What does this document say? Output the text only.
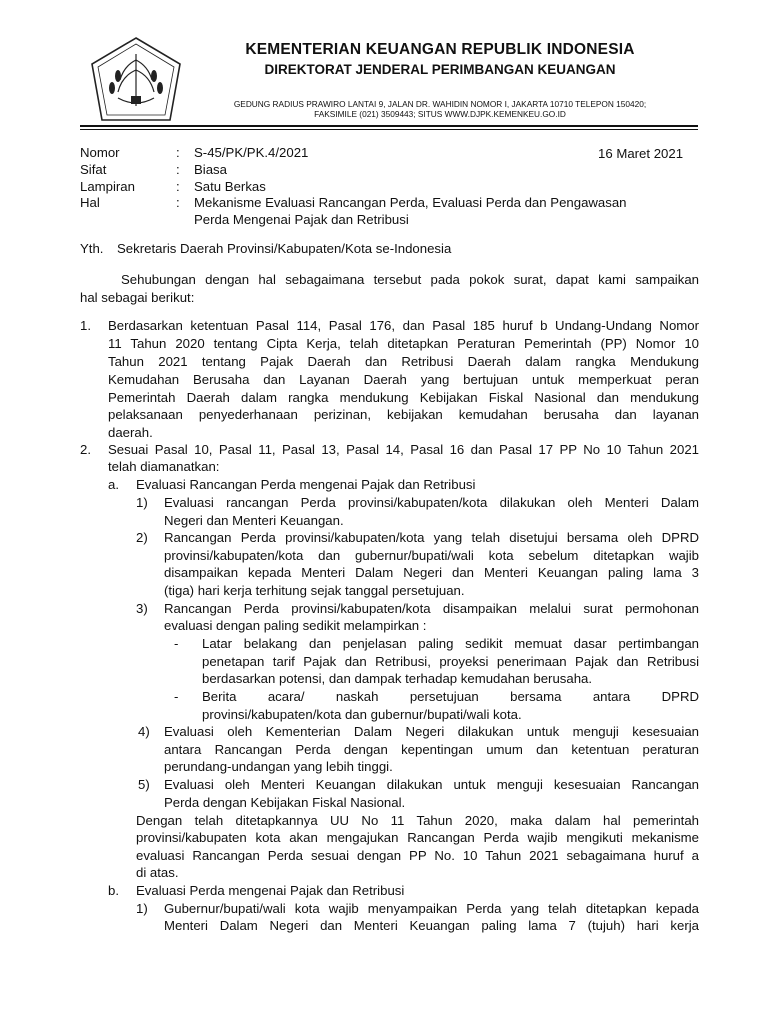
KEMENTERIAN KEUANGAN REPUBLIK INDONESIA
DIREKTORAT JENDERAL PERIMBANGAN KEUANGAN
GEDUNG RADIUS PRAWIRO LANTAI 9, JALAN DR. WAHIDIN NOMOR I, JAKARTA 10710 TELEPON 150420;
FAKSIMILE (021) 3509443; SITUS WWW.DJPK.KEMENKEU.GO.ID
Nomor	: S-45/PK/PK.4/2021	16 Maret 2021
Sifat	: Biasa
Lampiran	: Satu Berkas
Hal	: Mekanisme Evaluasi Rancangan Perda, Evaluasi Perda dan Pengawasan
Perda Mengenai Pajak dan Retribusi
Yth. Sekretaris Daerah Provinsi/Kabupaten/Kota se-Indonesia
Sehubungan dengan hal sebagaimana tersebut pada pokok surat, dapat kami sampaikan
hal sebagai berikut:
1. Berdasarkan ketentuan Pasal 114, Pasal 176, dan Pasal 185 huruf b Undang-Undang Nomor
11 Tahun 2020 tentang Cipta Kerja, telah ditetapkan Peraturan Pemerintah (PP) Nomor 10
Tahun 2021 tentang Pajak Daerah dan Retribusi Daerah dalam rangka Mendukung
Kemudahan Berusaha dan Layanan Daerah yang bertujuan untuk memperkuat peran
Pemerintah Daerah dalam rangka mendukung Kebijakan Fiskal Nasional dan mendukung
pelaksanaan penyederhanaan perizinan, kebijakan kemudahan berusaha dan layanan
daerah.
2. Sesuai Pasal 10, Pasal 11, Pasal 13, Pasal 14, Pasal 16 dan Pasal 17 PP No 10 Tahun 2021
telah diamanatkan:
a. Evaluasi Rancangan Perda mengenai Pajak dan Retribusi
1) Evaluasi rancangan Perda provinsi/kabupaten/kota dilakukan oleh Menteri Dalam
Negeri dan Menteri Keuangan.
2) Rancangan Perda provinsi/kabupaten/kota yang telah disetujui bersama oleh DPRD
provinsi/kabupaten/kota dan gubernur/bupati/wali kota sebelum ditetapkan wajib
disampaikan kepada Menteri Dalam Negeri dan Menteri Keuangan paling lama 3
(tiga) hari kerja terhitung sejak tanggal persetujuan.
3) Rancangan Perda provinsi/kabupaten/kota disampaikan melalui surat permohonan
evaluasi dengan paling sedikit melampirkan :
- Latar belakang dan penjelasan paling sedikit memuat dasar pertimbangan
penetapan tarif Pajak dan Retribusi, proyeksi penerimaan Pajak dan Retribusi
berdasarkan potensi, dan dampak terhadap kemudahan berusaha.
- Berita acara/ naskah persetujuan bersama antara DPRD
provinsi/kabupaten/kota dan gubernur/bupati/wali kota.
4) Evaluasi oleh Kementerian Dalam Negeri dilakukan untuk menguji kesesuaian
antara Rancangan Perda dengan kepentingan umum dan ketentuan peraturan
perundang-undangan yang lebih tinggi.
5) Evaluasi oleh Menteri Keuangan dilakukan untuk menguji kesesuaian Rancangan
Perda dengan Kebijakan Fiskal Nasional.
Dengan telah ditetapkannya UU No 11 Tahun 2020, maka dalam hal pemerintah
provinsi/kabupaten kota akan mengajukan Rancangan Perda wajib mengikuti mekanisme
evaluasi Rancangan Perda sesuai dengan PP No. 10 Tahun 2021 sebagaimana huruf a
di atas.
b. Evaluasi Perda mengenai Pajak dan Retribusi
1) Gubernur/bupati/wali kota wajib menyampaikan Perda yang telah ditetapkan kepada
Menteri Dalam Negeri dan Menteri Keuangan paling lama 7 (tujuh) hari kerja
